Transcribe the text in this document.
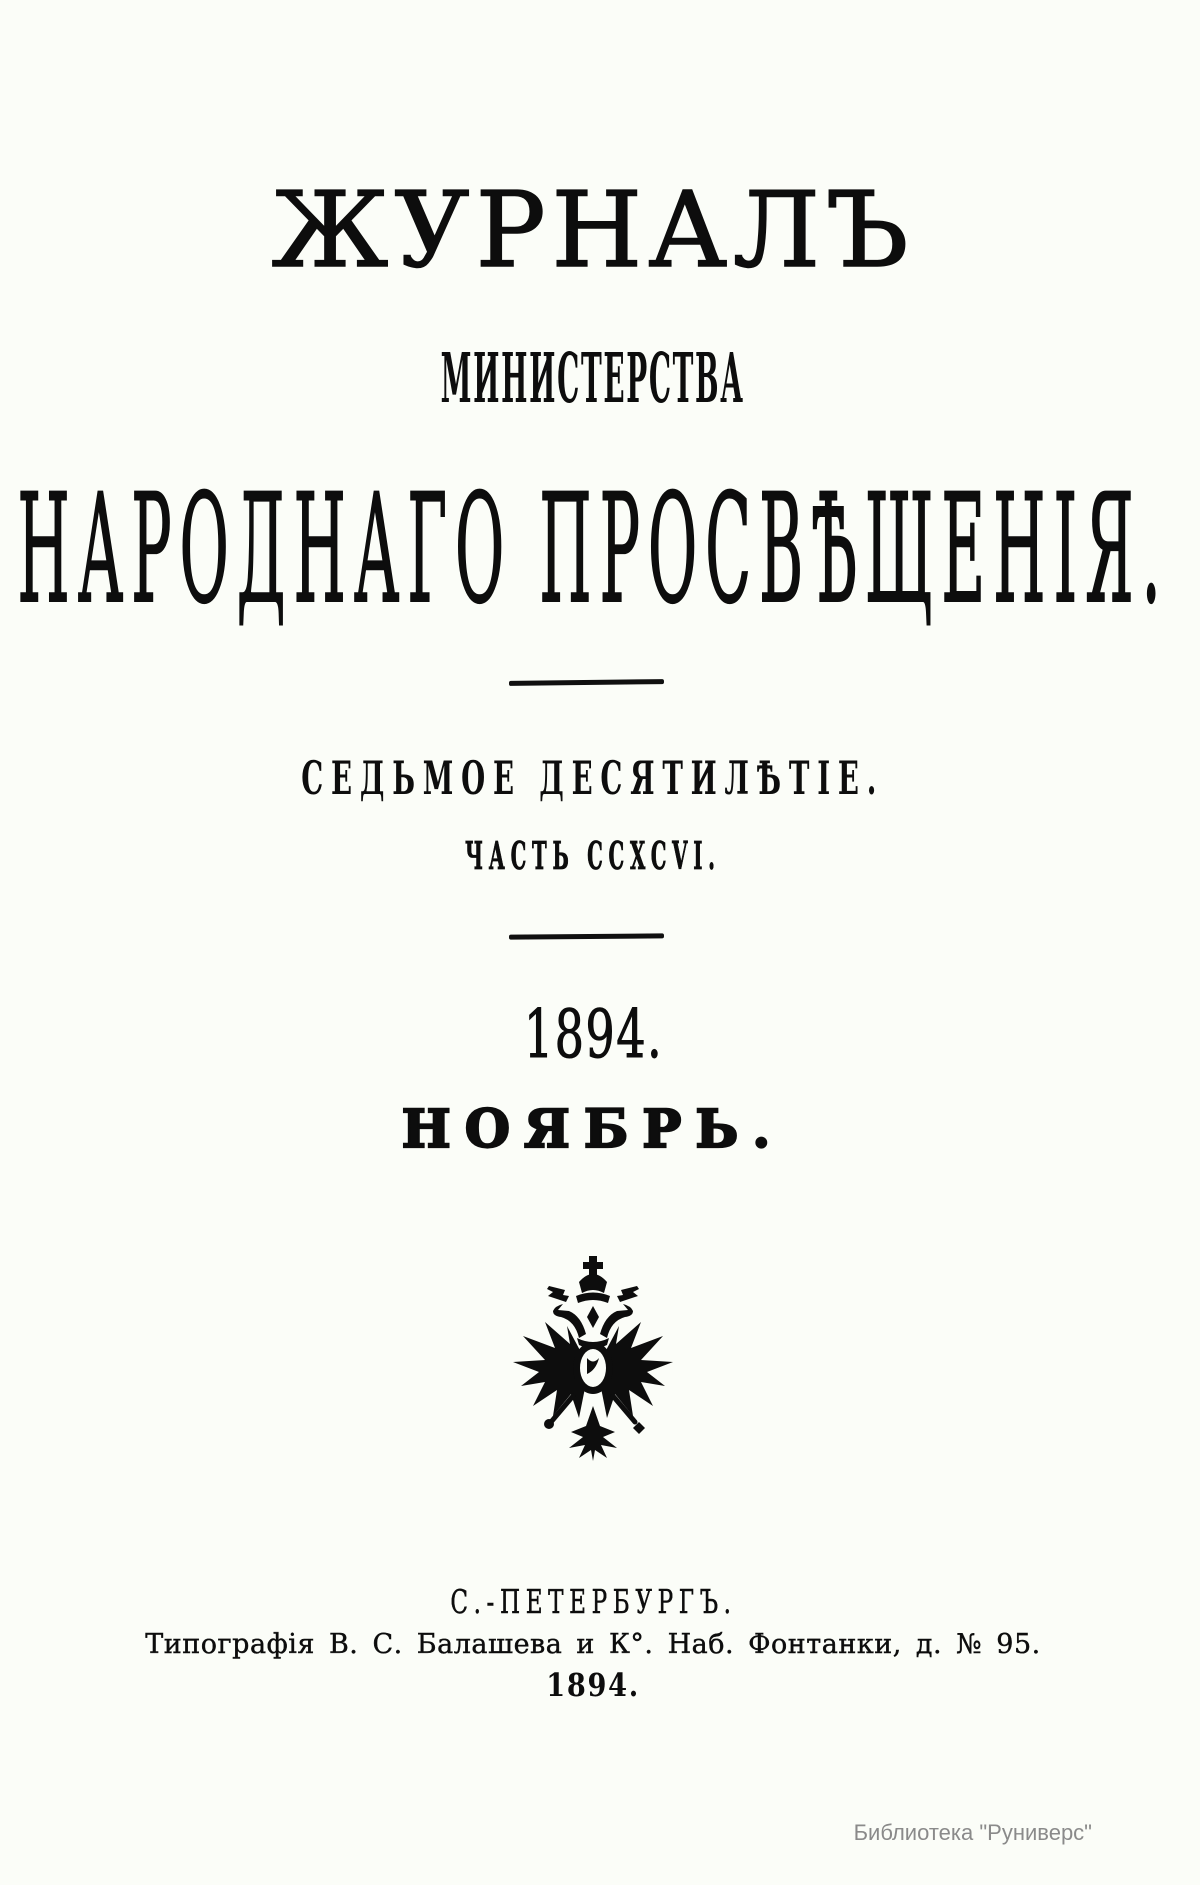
ЖУРНАЛЪ
МИНИСТЕРСТВА
НАРОДНАГО ПРОСВѢЩЕНІЯ.
СЕДЬМОЕ ДЕСЯТИЛѢТІЕ.
ЧАСТЬ CCXCVI.
1894.
НОЯБРЬ.
С.-ПЕТЕРБУРГЪ.
Типографія В. С. Балашева и К°. Наб. Фонтанки, д. № 95.
1894.
Библиотека "Руниверс"
